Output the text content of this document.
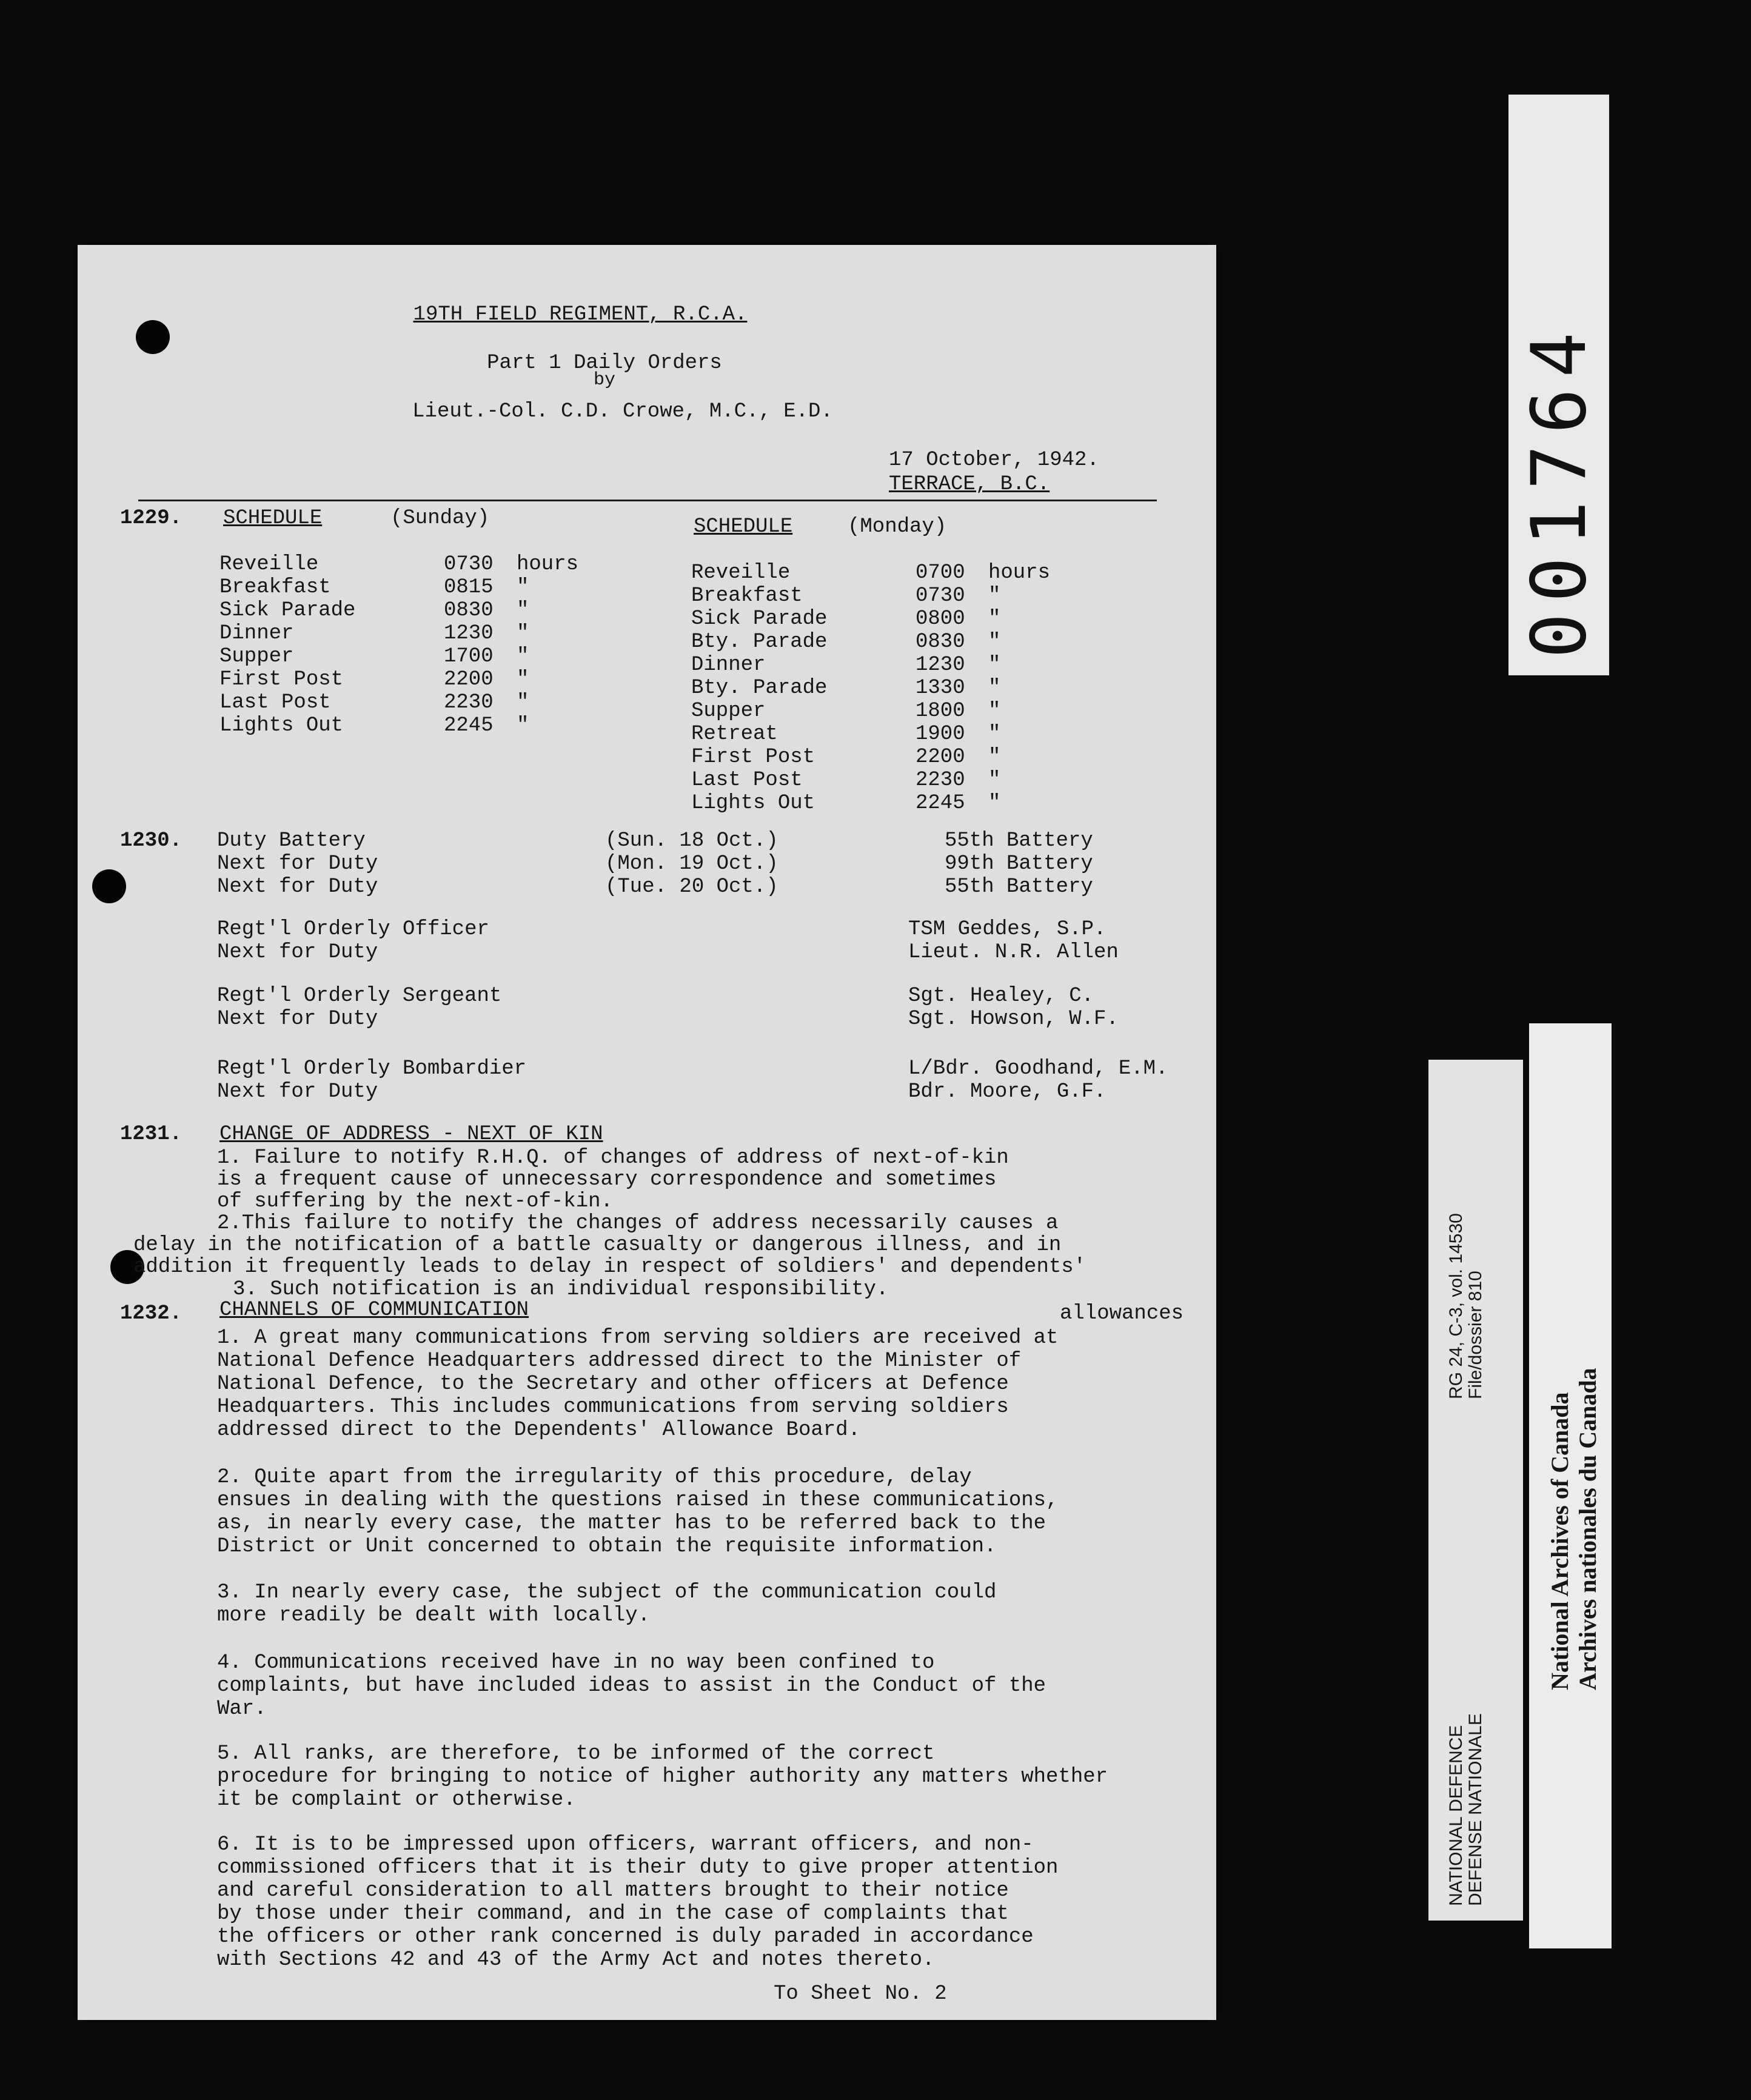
19TH FIELD REGIMENT, R.C.A.
Part 1 Daily Orders
by
Lieut.-Col. C.D. Crowe, M.C., E.D.
17 October, 1942.
TERRACE, B.C.
1229. SCHEDULE	(Sunday)
Reveille	0730	hours
Breakfast	0815	"
Sick Parade	0830	"
Dinner	1230	"
Supper	1700	"
First Post	2200	"
Last Post	2230	"
Lights Out	2245	"
SCHEDULE	(Monday)
Reveille	0700	hours
Breakfast	0730	"
Sick Parade	0800	"
Bty. Parade	0830	"
Dinner	1230	"
Bty. Parade	1330	"
Supper	1800	"
Retreat	1900	"
First Post	2200	"
Last Post	2230	"
Lights Out	2245	"
1230. Duty Battery	(Sun. 18 Oct.)	55th Battery
Next for Duty	(Mon. 19 Oct.)	99th Battery
Next for Duty	(Tue. 20 Oct.)	55th Battery
Regt'l Orderly Officer	TSM Geddes, S.P.
Next for Duty	Lieut. N.R. Allen
Regt'l Orderly Sergeant	Sgt. Healey, C.
Next for Duty	Sgt. Howson, W.F.
Regt'l Orderly Bombardier	L/Bdr. Goodhand, E.M.
Next for Duty	Bdr. Moore, G.F.
1231. CHANGE OF ADDRESS - NEXT OF KIN
1. Failure to notify R.H.Q. of changes of address of next-of-kin
is a frequent cause of unnecessary correspondence and sometimes
of suffering by the next-of-kin.
2.This failure to notify the changes of address necessarily causes a
delay in the notification of a battle casualty or dangerous illness, and in
addition it frequently leads to delay in respect of soldiers' and dependents'
3. Such notification is an individual responsibility.
allowances
1232. CHANNELS OF COMMUNICATION
1. A great many communications from serving soldiers are received at
National Defence Headquarters addressed direct to the Minister of
National Defence, to the Secretary and other officers at Defence
Headquarters. This includes communications from serving soldiers
addressed direct to the Dependents' Allowance Board.
2. Quite apart from the irregularity of this procedure, delay
ensues in dealing with the questions raised in these communications,
as, in nearly every case, the matter has to be referred back to the
District or Unit concerned to obtain the requisite information.
3. In nearly every case, the subject of the communication could
more readily be dealt with locally.
4. Communications received have in no way been confined to
complaints, but have included ideas to assist in the Conduct of the
War.
5. All ranks, are therefore, to be informed of the correct
procedure for bringing to notice of higher authority any matters whether
it be complaint or otherwise.
6. It is to be impressed upon officers, warrant officers, and non-
commissioned officers that it is their duty to give proper attention
and careful consideration to all matters brought to their notice
by those under their command, and in the case of complaints that
the officers or other rank concerned is duly paraded in accordance
with Sections 42 and 43 of the Army Act and notes thereto.
To Sheet No. 2
001764
NATIONAL DEFENCE DEFENSE NATIONALE
RG 24, C-3, vol. 14530 File/dossier 810
National Archives of Canada Archives nationales du Canada
